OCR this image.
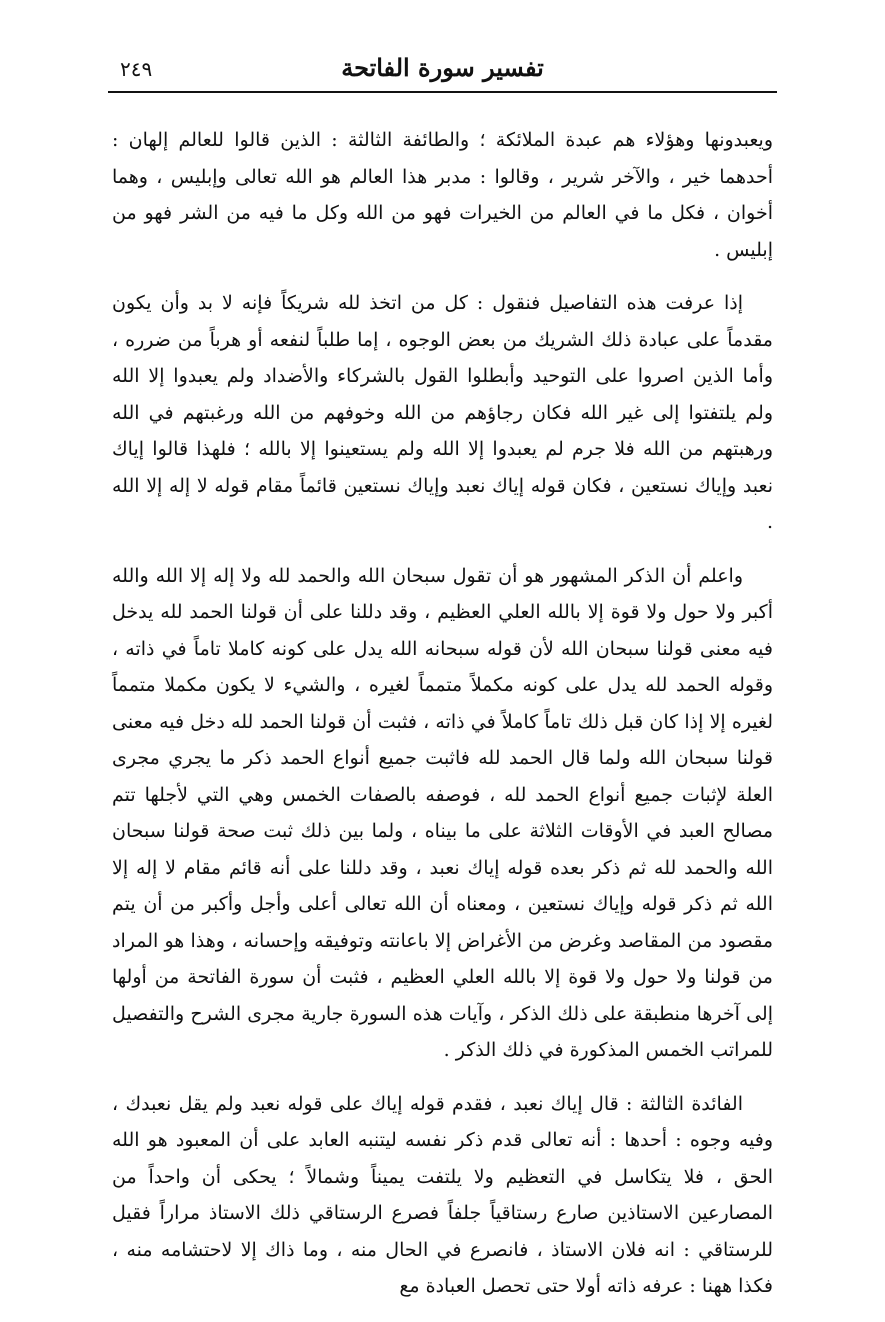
٢٤٩	تفسير سورة الفاتحة

ويعبدونها وهؤلاء هم عبدة الملائكة ؛ والطائفة الثالثة : الذين قالوا للعالم إلهان : أحدهما خير ، والآخر شرير ، وقالوا : مدبر هذا العالم هو الله تعالى وإبليس ، وهما أخوان ، فكل ما في العالم من الخيرات فهو من الله وكل ما فيه من الشر فهو من إبليس .

إذا عرفت هذه التفاصيل فنقول : كل من اتخذ لله شريكاً فإنه لا بد وأن يكون مقدماً على عبادة ذلك الشريك من بعض الوجوه ، إما طلباً لنفعه أو هرباً من ضرره ، وأما الذين اصروا على التوحيد وأبطلوا القول بالشركاء والأضداد ولم يعبدوا إلا الله ولم يلتفتوا إلى غير الله فكان رجاؤهم من الله وخوفهم من الله ورغبتهم في الله ورهبتهم من الله فلا جرم لم يعبدوا إلا الله ولم يستعينوا إلا بالله ؛ فلهذا قالوا إياك نعبد وإياك نستعين ، فكان قوله إياك نعبد وإياك نستعين قائماً مقام قوله لا إله إلا الله .

واعلم أن الذكر المشهور هو أن تقول سبحان الله والحمد لله ولا إله إلا الله والله أكبر ولا حول ولا قوة إلا بالله العلي العظيم ، وقد دللنا على أن قولنا الحمد لله يدخل فيه معنى قولنا سبحان الله لأن قوله سبحانه الله يدل على كونه كاملا تاماً في ذاته ، وقوله الحمد لله يدل على كونه مكملاً متمماً لغيره ، والشيء لا يكون مكملا متمماً لغيره إلا إذا كان قبل ذلك تاماً كاملاً في ذاته ، فثبت أن قولنا الحمد لله دخل فيه معنى قولنا سبحان الله ولما قال الحمد لله فاثبت جميع أنواع الحمد ذكر ما يجري مجرى العلة لإثبات جميع أنواع الحمد لله ، فوصفه بالصفات الخمس وهي التي لأجلها تتم مصالح العبد في الأوقات الثلاثة على ما بيناه ، ولما بين ذلك ثبت صحة قولنا سبحان الله والحمد لله ثم ذكر بعده قوله إياك نعبد ، وقد دللنا على أنه قائم مقام لا إله إلا الله ثم ذكر قوله وإياك نستعين ، ومعناه أن الله تعالى أعلى وأجل وأكبر من أن يتم مقصود من المقاصد وغرض من الأغراض إلا باعانته وتوفيقه وإحسانه ، وهذا هو المراد من قولنا ولا حول ولا قوة إلا بالله العلي العظيم ، فثبت أن سورة الفاتحة من أولها إلى آخرها منطبقة على ذلك الذكر ، وآيات هذه السورة جارية مجرى الشرح والتفصيل للمراتب الخمس المذكورة في ذلك الذكر .

الفائدة الثالثة : قال إياك نعبد ، فقدم قوله إياك على قوله نعبد ولم يقل نعبدك ، وفيه وجوه : أحدها : أنه تعالى قدم ذكر نفسه ليتنبه العابد على أن المعبود هو الله الحق ، فلا يتكاسل في التعظيم ولا يلتفت يميناً وشمالاً ؛ يحكى أن واحداً من المصارعين الاستاذين صارع رستاقياً جلفاً فصرع الرستاقي ذلك الاستاذ مراراً فقيل للرستاقي : انه فلان الاستاذ ، فانصرع في الحال منه ، وما ذاك إلا لاحتشامه منه ، فكذا ههنا : عرفه ذاته أولا حتى تحصل العبادة مع
